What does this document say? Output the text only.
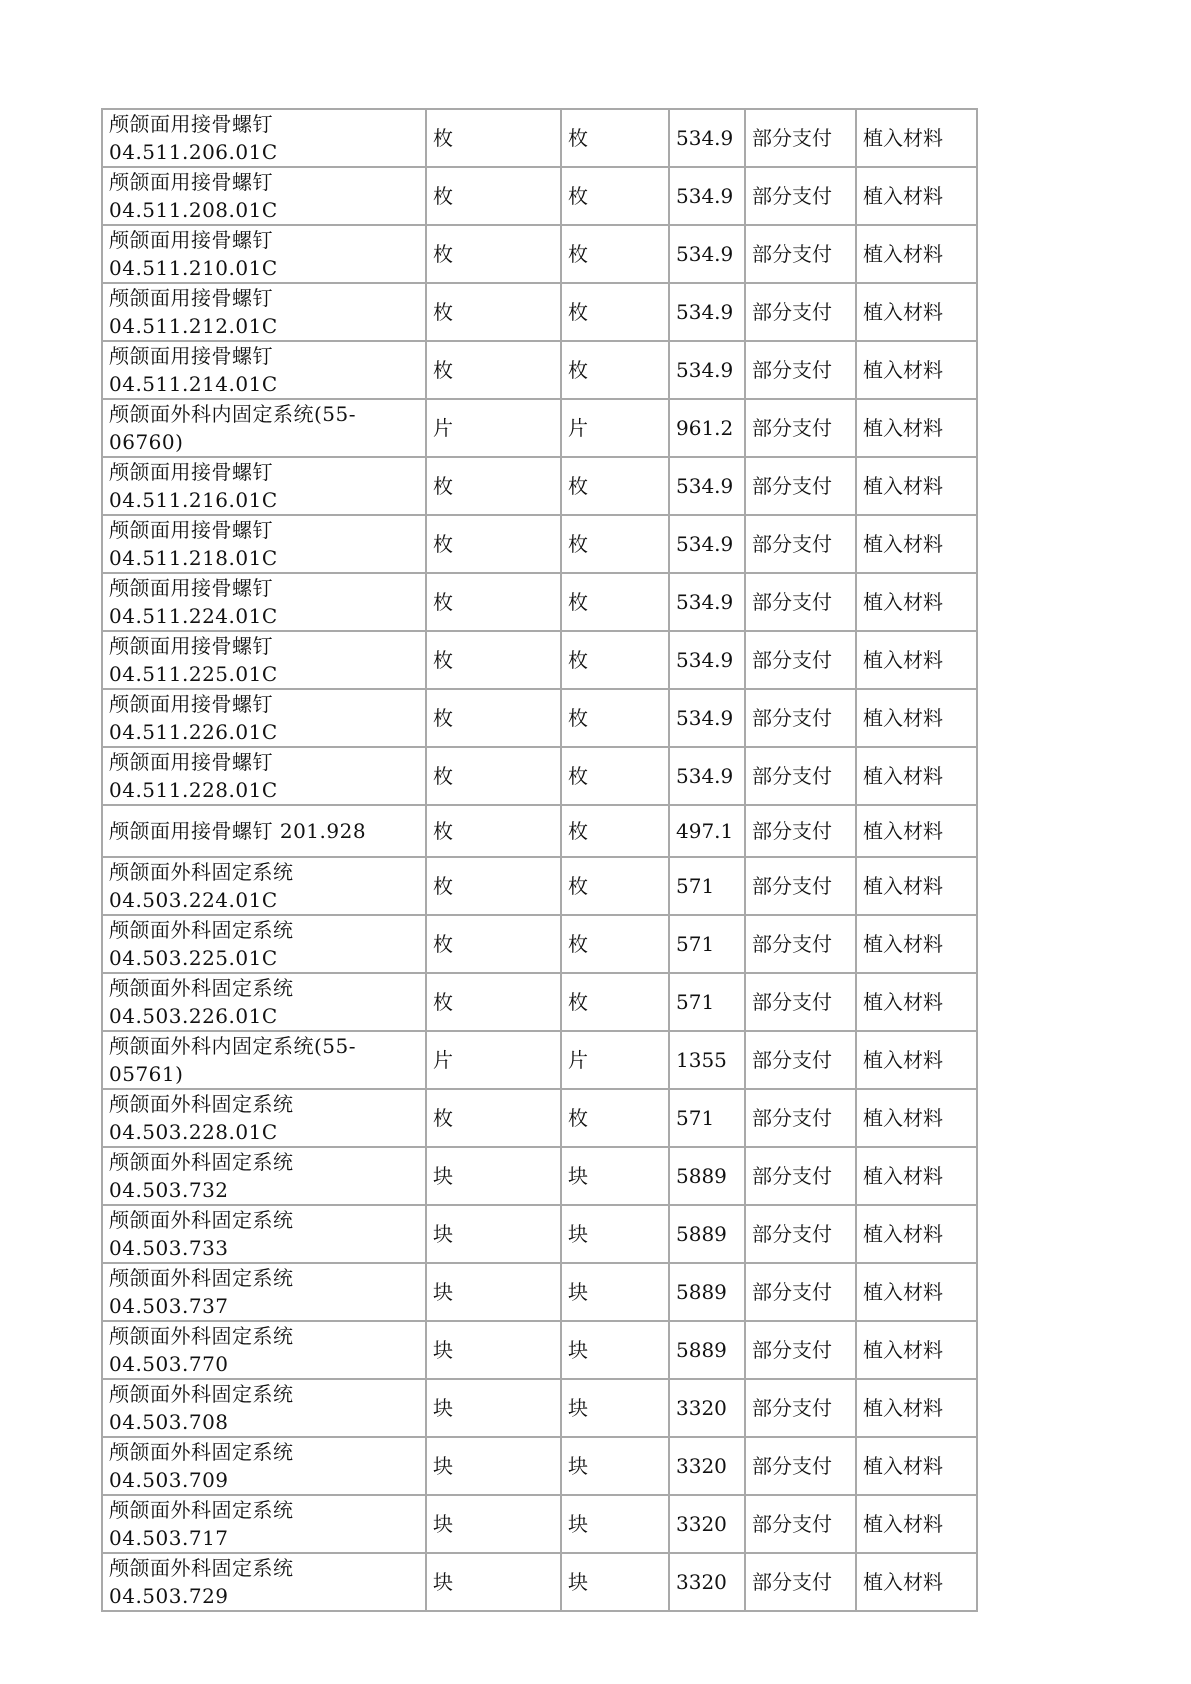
颅颌面用接骨螺钉
04.511.206.01C	枚	枚	534.9	部分支付	植入材料

颅颌面用接骨螺钉
04.511.208.01C	枚	枚	534.9	部分支付	植入材料

颅颌面用接骨螺钉
04.511.210.01C	枚	枚	534.9	部分支付	植入材料

颅颌面用接骨螺钉
04.511.212.01C	枚	枚	534.9	部分支付	植入材料

颅颌面用接骨螺钉
04.511.214.01C	枚	枚	534.9	部分支付	植入材料

颅颌面外科内固定系统(55-
06760)	片	片	961.2	部分支付	植入材料

颅颌面用接骨螺钉
04.511.216.01C	枚	枚	534.9	部分支付	植入材料

颅颌面用接骨螺钉
04.511.218.01C	枚	枚	534.9	部分支付	植入材料

颅颌面用接骨螺钉
04.511.224.01C	枚	枚	534.9	部分支付	植入材料

颅颌面用接骨螺钉
04.511.225.01C	枚	枚	534.9	部分支付	植入材料

颅颌面用接骨螺钉
04.511.226.01C	枚	枚	534.9	部分支付	植入材料

颅颌面用接骨螺钉
04.511.228.01C	枚	枚	534.9	部分支付	植入材料

颅颌面用接骨螺钉 201.928	枚	枚	497.1	部分支付	植入材料

颅颌面外科固定系统
04.503.224.01C	枚	枚	571	部分支付	植入材料

颅颌面外科固定系统
04.503.225.01C	枚	枚	571	部分支付	植入材料

颅颌面外科固定系统
04.503.226.01C	枚	枚	571	部分支付	植入材料

颅颌面外科内固定系统(55-
05761)	片	片	1355	部分支付	植入材料

颅颌面外科固定系统
04.503.228.01C	枚	枚	571	部分支付	植入材料

颅颌面外科固定系统
04.503.732	块	块	5889	部分支付	植入材料

颅颌面外科固定系统
04.503.733	块	块	5889	部分支付	植入材料

颅颌面外科固定系统
04.503.737	块	块	5889	部分支付	植入材料

颅颌面外科固定系统
04.503.770	块	块	5889	部分支付	植入材料

颅颌面外科固定系统
04.503.708	块	块	3320	部分支付	植入材料

颅颌面外科固定系统
04.503.709	块	块	3320	部分支付	植入材料

颅颌面外科固定系统
04.503.717	块	块	3320	部分支付	植入材料

颅颌面外科固定系统
04.503.729	块	块	3320	部分支付	植入材料
